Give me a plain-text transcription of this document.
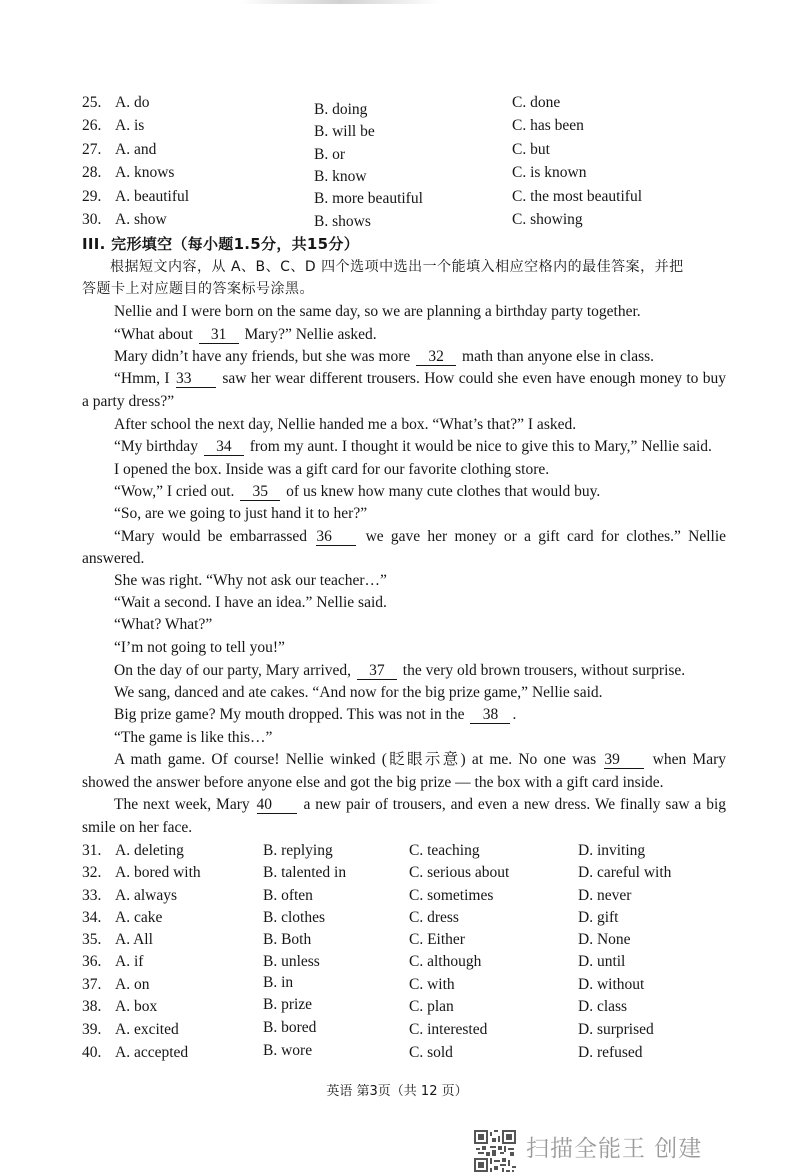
25. A. do	B. doing	C. done
26. A. is	B. will be	C. has been
27. A. and	B. or	C. but
28. A. knows	B. know	C. is known
29. A. beautiful	B. more beautiful	C. the most beautiful
30. A. show	B. shows	C. showing
III. 完形填空（每小题1.5分，共15分）
根据短文内容，从 A、B、C、D 四个选项中选出一个能填入相应空格内的最佳答案，并把
答题卡上对应题目的答案标号涂黑。
Nellie and I were born on the same day, so we are planning a birthday party together.
“What about 31 Mary?” Nellie asked.
Mary didn’t have any friends, but she was more 32 math than anyone else in class.
“Hmm, I 33 saw her wear different trousers. How could she even have enough money to buy
a party dress?”
After school the next day, Nellie handed me a box. “What’s that?” I asked.
“My birthday 34 from my aunt. I thought it would be nice to give this to Mary,” Nellie said.
I opened the box. Inside was a gift card for our favorite clothing store.
“Wow,” I cried out. 35 of us knew how many cute clothes that would buy.
“So, are we going to just hand it to her?”
“Mary would be embarrassed 36 we gave her money or a gift card for clothes.” Nellie
answered.
She was right. “Why not ask our teacher…”
“Wait a second. I have an idea.” Nellie said.
“What? What?”
“I’m not going to tell you!”
On the day of our party, Mary arrived, 37 the very old brown trousers, without surprise.
We sang, danced and ate cakes. “And now for the big prize game,” Nellie said.
Big prize game? My mouth dropped. This was not in the 38 .
“The game is like this…”
A math game. Of course! Nellie winked (眨眼示意) at me. No one was 39 when Mary
showed the answer before anyone else and got the big prize — the box with a gift card inside.
The next week, Mary 40 a new pair of trousers, and even a new dress. We finally saw a big
smile on her face.
31. A. deleting	B. replying	C. teaching	D. inviting
32. A. bored with	B. talented in	C. serious about	D. careful with
33. A. always	B. often	C. sometimes	D. never
34. A. cake	B. clothes	C. dress	D. gift
35. A. All	B. Both	C. Either	D. None
36. A. if	B. unless	C. although	D. until
37. A. on	B. in	C. with	D. without
38. A. box	B. prize	C. plan	D. class
39. A. excited	B. bored	C. interested	D. surprised
40. A. accepted	B. wore	C. sold	D. refused
英语 第3页（共 12 页）
扫描全能王 创建
